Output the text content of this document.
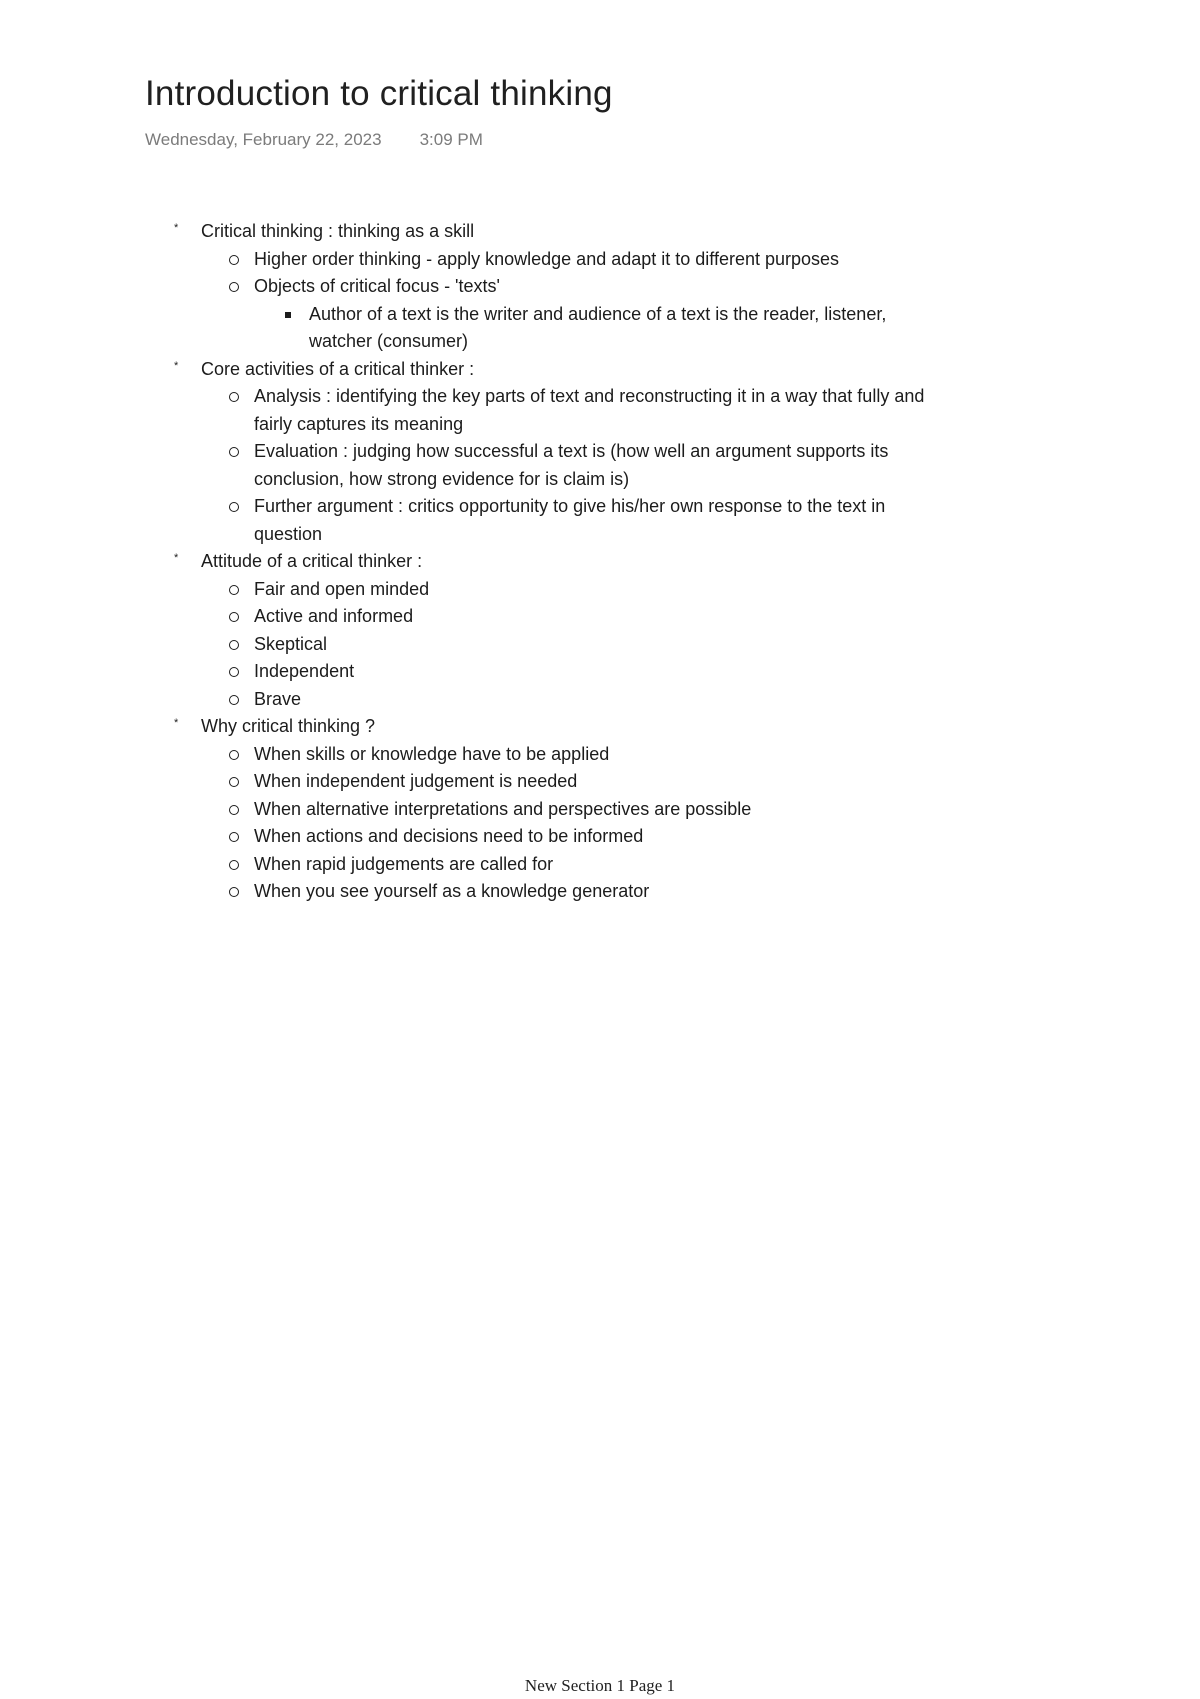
Introduction to critical thinking
Wednesday, February 22, 2023 3:09 PM
* Critical thinking : thinking as a skill
Higher order thinking - apply knowledge and adapt it to different purposes
Objects of critical focus - 'texts'
Author of a text is the writer and audience of a text is the reader, listener, watcher (consumer)
* Core activities of a critical thinker :
Analysis : identifying the key parts of text and reconstructing it in a way that fully and fairly captures its meaning
Evaluation : judging how successful a text is (how well an argument supports its conclusion, how strong evidence for is claim is)
Further argument : critics opportunity to give his/her own response to the text in question
* Attitude of a critical thinker :
Fair and open minded
Active and informed
Skeptical
Independent
Brave
* Why critical thinking ?
When skills or knowledge have to be applied
When independent judgement is needed
When alternative interpretations and perspectives are possible
When actions and decisions need to be informed
When rapid judgements are called for
When you see yourself as a knowledge generator
New Section 1 Page 1
